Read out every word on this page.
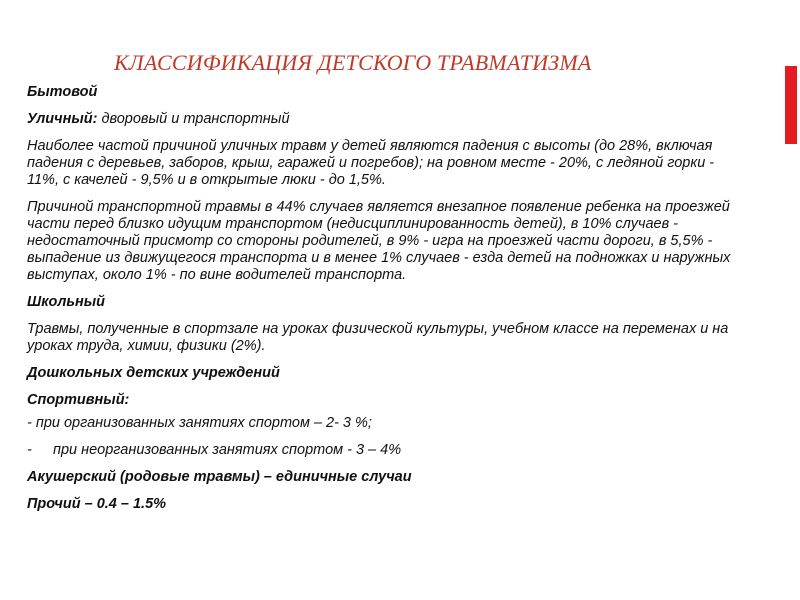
КЛАССИФИКАЦИЯ ДЕТСКОГО ТРАВМАТИЗМА

Бытовой

Уличный: дворовый и транспортный

Наиболее частой причиной уличных травм у детей являются падения с высоты (до 28%, включая падения с деревьев, заборов, крыш, гаражей и погребов); на ровном месте - 20%, с ледяной горки - 11%, с качелей - 9,5% и в открытые люки - до 1,5%.

Причиной транспортной травмы в 44% случаев является внезапное появление ребенка на проезжей части перед близко идущим транспортом (недисциплинированность детей), в 10% случаев - недостаточный присмотр со стороны родителей, в 9% - игра на проезжей части дороги, в 5,5% - выпадение из движущегося транспорта и в менее 1% случаев - езда детей на подножках и наружных выступах, около 1% - по вине водителей транспорта.

Школьный

Травмы, полученные в спортзале на уроках физической культуры, учебном классе на переменах и на уроках труда, химии, физики (2%).

Дошкольных детских учреждений

Спортивный:

- при организованных занятиях спортом – 2- 3 %;

- при неорганизованных занятиях спортом - 3 – 4%

Акушерский (родовые травмы) – единичные случаи

Прочий – 0.4 – 1.5%
